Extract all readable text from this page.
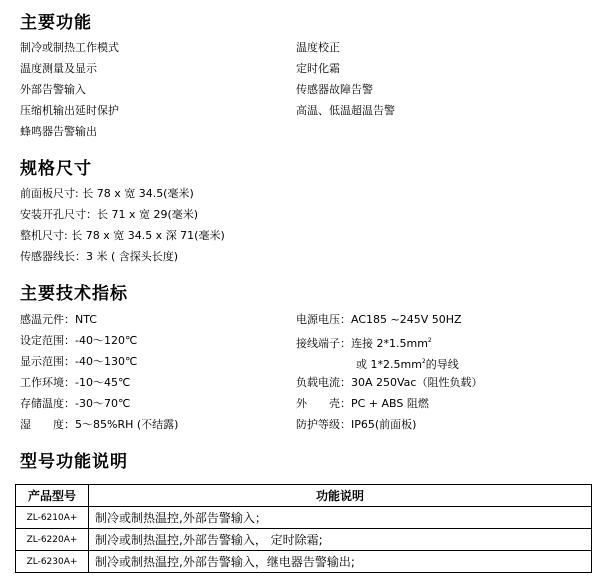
主要功能
制冷或制热工作模式
温度测量及显示
外部告警输入
压缩机输出延时保护
蜂鸣器告警输出
温度校正
定时化霜
传感器故障告警
高温、低温超温告警
规格尺寸
前面板尺寸: 长 78 x 宽 34.5(毫米)
安装开孔尺寸：长 71 x 宽 29(毫米)
整机尺寸: 长 78 x 宽 34.5 x 深 71(毫米)
传感器线长：3 米 ( 含探头长度)
主要技术指标
感温元件：NTC
设定范围：-40～120℃
显示范围：-40～130℃
工作环境：-10～45℃
存储温度：-30～70℃
湿　　度：5～85%RH (不结露)
电源电压：AC185 ~245V 50HZ
接线端子：连接 $2*1.5mm^2$
或 $1*2.5mm^2$的导线
负载电流：30A 250Vac（阻性负载）
外　　壳：PC + ABS 阻燃
防护等级：IP65(前面板)
型号功能说明
产品型号	功能说明
ZL-6210A+	制冷或制热温控,外部告警输入；
ZL-6220A+	制冷或制热温控,外部告警输入， 定时除霜;
ZL-6230A+	制冷或制热温控,外部告警输入，继电器告警输出;
